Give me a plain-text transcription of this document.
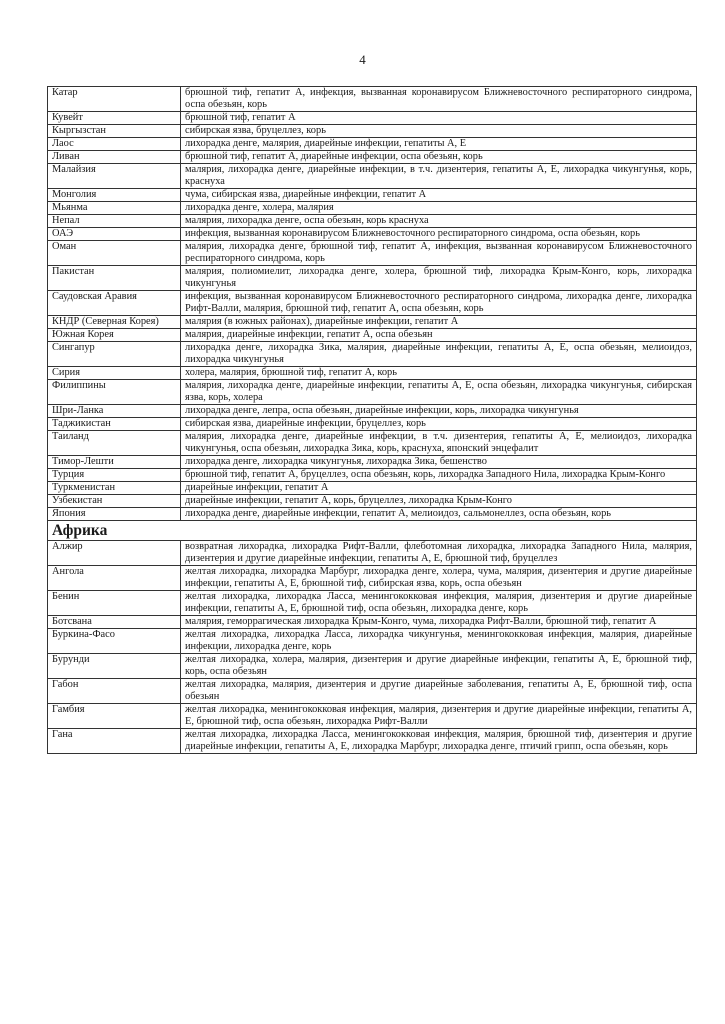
4
Катар	брюшной тиф, гепатит А, инфекция, вызванная коронавирусом Ближневосточного респираторного синдрома, оспа обезьян, корь
Кувейт	брюшной тиф, гепатит А
Кыргызстан	сибирская язва, бруцеллез, корь
Лаос	лихорадка денге, малярия, диарейные инфекции, гепатиты А, Е
Ливан	брюшной тиф, гепатит А, диарейные инфекции, оспа обезьян, корь
Малайзия	малярия, лихорадка денге, диарейные инфекции, в т.ч. дизентерия, гепатиты А, Е, лихорадка чикунгунья, корь, краснуха
Монголия	чума, сибирская язва, диарейные инфекции, гепатит А
Мьянма	лихорадка денге, холера, малярия
Непал	малярия, лихорадка денге, оспа обезьян, корь краснуха
ОАЭ	инфекция, вызванная коронавирусом Ближневосточного респираторного синдрома, оспа обезьян, корь
Оман	малярия, лихорадка денге, брюшной тиф, гепатит А, инфекция, вызванная коронавирусом Ближневосточного респираторного синдрома, корь
Пакистан	малярия, полиомиелит, лихорадка денге, холера, брюшной тиф, лихорадка Крым-Конго, корь, лихорадка чикунгунья
Саудовская Аравия	инфекция, вызванная коронавирусом Ближневосточного респираторного синдрома, лихорадка денге, лихорадка Рифт-Валли, малярия, брюшной тиф, гепатит А, оспа обезьян, корь
КНДР (Северная Корея)	малярия (в южных районах), диарейные инфекции, гепатит А
Южная Корея	малярия, диарейные инфекции, гепатит А, оспа обезьян
Сингапур	лихорадка денге, лихорадка Зика, малярия, диарейные инфекции, гепатиты А, Е, оспа обезьян, мелиоидоз, лихорадка чикунгунья
Сирия	холера, малярия, брюшной тиф, гепатит А, корь
Филиппины	малярия, лихорадка денге, диарейные инфекции, гепатиты А, Е, оспа обезьян, лихорадка чикунгунья, сибирская язва, корь, холера
Шри-Ланка	лихорадка денге, лепра, оспа обезьян, диарейные инфекции, корь, лихорадка чикунгунья
Таджикистан	сибирская язва, диарейные инфекции, бруцеллез, корь
Таиланд	малярия, лихорадка денге, диарейные инфекции, в т.ч. дизентерия, гепатиты А, Е, мелиоидоз, лихорадка чикунгунья, оспа обезьян, лихорадка Зика, корь, краснуха, японский энцефалит
Тимор-Лешти	лихорадка денге, лихорадка чикунгунья, лихорадка Зика, бешенство
Турция	брюшной тиф, гепатит А, бруцеллез, оспа обезьян, корь, лихорадка Западного Нила, лихорадка Крым-Конго
Туркменистан	диарейные инфекции, гепатит А
Узбекистан	диарейные инфекции, гепатит А, корь, бруцеллез, лихорадка Крым-Конго
Япония	лихорадка денге, диарейные инфекции, гепатит А, мелиоидоз, сальмонеллез, оспа обезьян, корь
Африка	
Алжир	возвратная лихорадка, лихорадка Рифт-Валли, флеботомная лихорадка, лихорадка Западного Нила, малярия, дизентерия и другие диарейные инфекции, гепатиты А, Е, брюшной тиф, бруцеллез
Ангола	желтая лихорадка, лихорадка Марбург, лихорадка денге, холера, чума, малярия, дизентерия и другие диарейные инфекции, гепатиты А, Е, брюшной тиф, сибирская язва, корь, оспа обезьян
Бенин	желтая лихорадка, лихорадка Ласса, менингококковая инфекция, малярия, дизентерия и другие диарейные инфекции, гепатиты А, Е, брюшной тиф, оспа обезьян, лихорадка денге, корь
Ботсвана	малярия, геморрагическая лихорадка Крым-Конго, чума, лихорадка Рифт-Валли, брюшной тиф, гепатит А
Буркина-Фасо	желтая лихорадка, лихорадка Ласса, лихорадка чикунгунья, менингококковая инфекция, малярия, диарейные инфекции, лихорадка денге, корь
Бурунди	желтая лихорадка, холера, малярия, дизентерия и другие диарейные инфекции, гепатиты А, Е, брюшной тиф, корь, оспа обезьян
Габон	желтая лихорадка, малярия, дизентерия и другие диарейные заболевания, гепатиты А, Е, брюшной тиф, оспа обезьян
Гамбия	желтая лихорадка, менингококковая инфекция, малярия, дизентерия и другие диарейные инфекции, гепатиты А, Е, брюшной тиф, оспа обезьян, лихорадка Рифт-Валли
Гана	желтая лихорадка, лихорадка Ласса, менингококковая инфекция, малярия, брюшной тиф, дизентерия и другие диарейные инфекции, гепатиты А, Е, лихорадка Марбург, лихорадка денге, птичий грипп, оспа обезьян, корь
